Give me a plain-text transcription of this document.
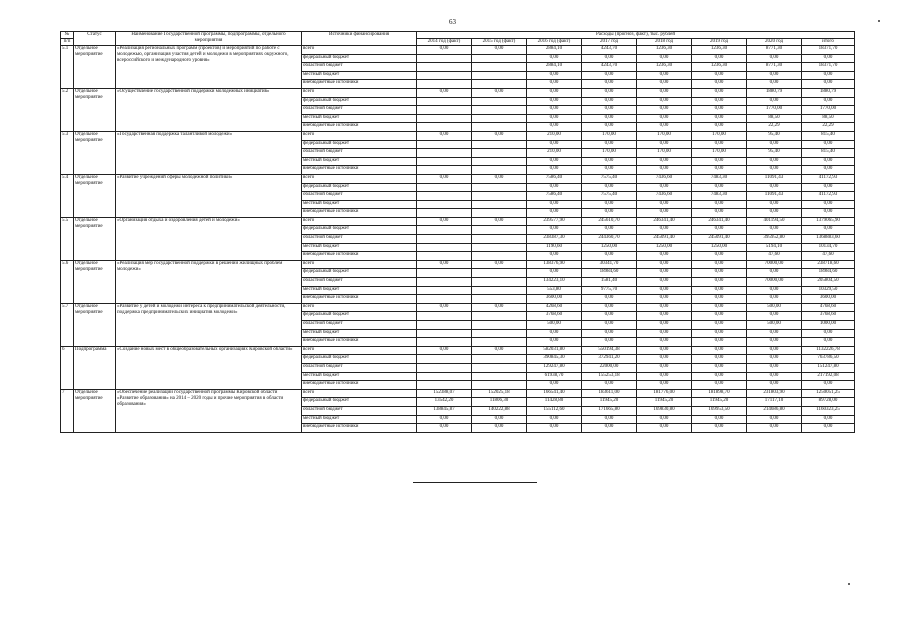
63
№	Статус	Наименование Государственной программы, подпрограммы, отдельного мероприятия	Источники финансирования	Расходы (прогноз, факт), тыс. рублей							
п/п				2014 год (факт)	2015 год (факт)	2016 год (факт)	2017 год	2018 год	2019 год	2020 год	итого
5.1	Отдельное мероприятие	«Реализация региональных программ (проектов) и мероприятий по работе с молодежью, организация участия детей и молодежи в мероприятиях окружного, всероссийского и международного уровня»	всего	0,00	0,00	2884,10	4243,70	1236,30	1236,30	8771,30	18371,70
			федеральный бюджет			0,00	0,00	0,00	0,00	0,00	0,00
			областной бюджет			2884,10	4243,70	1236,30	1236,30	8771,30	18371,70
			местный бюджет			0,00	0,00	0,00	0,00	0,00	0,00
			внебюджетные источники			0,00	0,00	0,00	0,00	0,00	0,00
5.2	Отдельное мероприятие	«Осуществление государственной поддержки молодежных инициатив»	всего	0,00	0,00	0,00	0,00	0,00	0,00	1880,79	1880,79
			федеральный бюджет			0,00	0,00	0,00	0,00	0,00	0,00
			областной бюджет			0,00	0,00	0,00	0,00	1770,00	1770,00
			местный бюджет			0,00	0,00	0,00	0,00	88,50	88,50
			внебюджетные источники			0,00	0,00	0,00	0,00	22,29	22,29
5.3	Отдельное мероприятие	«Государственная поддержка талантливой молодежи»	всего	0,00	0,00	210,00	170,00	170,00	170,00	95,40	815,40
			федеральный бюджет			0,00	0,00	0,00	0,00	0,00	0,00
			областной бюджет			210,00	170,00	170,00	170,00	95,40	815,40
			местный бюджет			0,00	0,00	0,00	0,00	0,00	0,00
			внебюджетные источники			0,00	0,00	0,00	0,00	0,00	0,00
5.4	Отдельное мероприятие	«Развитие учреждений сферы молодежной политики»	всего	0,00	0,00	7586,40	7575,40	7436,60	7483,30	11091,43	41172,93
			федеральный бюджет			0,00	0,00	0,00	0,00	0,00	0,00
			областной бюджет			7586,40	7575,40	7436,60	7483,30	11091,43	41172,93
			местный бюджет			0,00	0,00	0,00	0,00	0,00	0,00
			внебюджетные источники			0,00	0,00	0,00	0,00	0,00	0,00
5.5	Отдельное мероприятие	«Организация отдыха и оздоровления детей и молодежи»	всего	0,00	0,00	239577,90	245610,70	246341,40	246341,40	401194,50	1379065,90
			федеральный бюджет			0,00	0,00	0,00	0,00	0,00	0,00
			областной бюджет			238387,30	244360,70	245091,40	245091,40	395952,80	1368883,60
			местный бюджет			1190,60	1250,00	1250,00	1250,00	5194,10	10134,70
			внебюджетные источники			0,00	0,00	0,00	0,00	47,60	47,60
5.6	Отдельное мероприятие	«Реализация мер государственной поддержки в решении жилищных проблем молодежи»	всего	0,00	0,00	138376,90	30341,70	0,00	0,00	70000,00	238718,60
			федеральный бюджет			0,00	18984,60	0,00	0,00	0,00	18984,60
			областной бюджет			134223,10	1581,40	0,00	0,00	70000,00	205804,50
			местный бюджет			553,80	9775,70	0,00	0,00	0,00	10329,50
			внебюджетные источники			3600,00	0,00	0,00	0,00	0,00	3600,00
5.7	Отдельное мероприятие	«Развитие у детей и молодежи интереса к предпринимательской деятельности, поддержка предпринимательских инициатив молодежи»	всего	0,00	0,00	4268,60	0,00	0,00	0,00	500,00	4768,60
			федеральный бюджет			3768,60	0,00	0,00	0,00	0,00	3768,60
			областной бюджет			500,00	0,00	0,00	0,00	500,00	1000,00
			местный бюджет			0,00	0,00	0,00	0,00	0,00	0,00
			внебюджетные источники			0,00	0,00	0,00	0,00	0,00	0,00
6	Подпрограмма	«Создание новых мест в общеобразовательных организациях Кировской области»	всего	0,00	0,00	582031,80	550194,38	0,00	0,00	0,00	1132226,78
			федеральный бюджет			390845,30	372941,20	0,00	0,00	0,00	763786,50
			областной бюджет			129247,80	22000,00	0,00	0,00	0,00	151247,80
			местный бюджет			61938,70	155253,18	0,00	0,00	0,00	217192,08
			внебюджетные источники			0,00	0,00	0,00	0,00	0,00	0,00
7	Отдельное мероприятие	«Обеспечение реализации государственной программы Кировской области «Развитие образования» на 2014 – 2020 годы и прочие мероприятия в области образования»	всего	152388,07	152025,18	166541,40	183611,00	181776,00	181898,70	231803,90	1250051,25
			федеральный бюджет	13542,20	11806,30	11428,80	11945,20	11945,20	11945,20	17117,10	89728,00
			областной бюджет	138845,87	140222,88	155112,60	171665,80	169830,80	169953,50	214686,80	1160323,25
			местный бюджет	0,00	0,00	0,00	0,00	0,00	0,00	0,00	0,00
			внебюджетные источники	0,00	0,00	0,00	0,00	0,00	0,00	0,00	0,00
